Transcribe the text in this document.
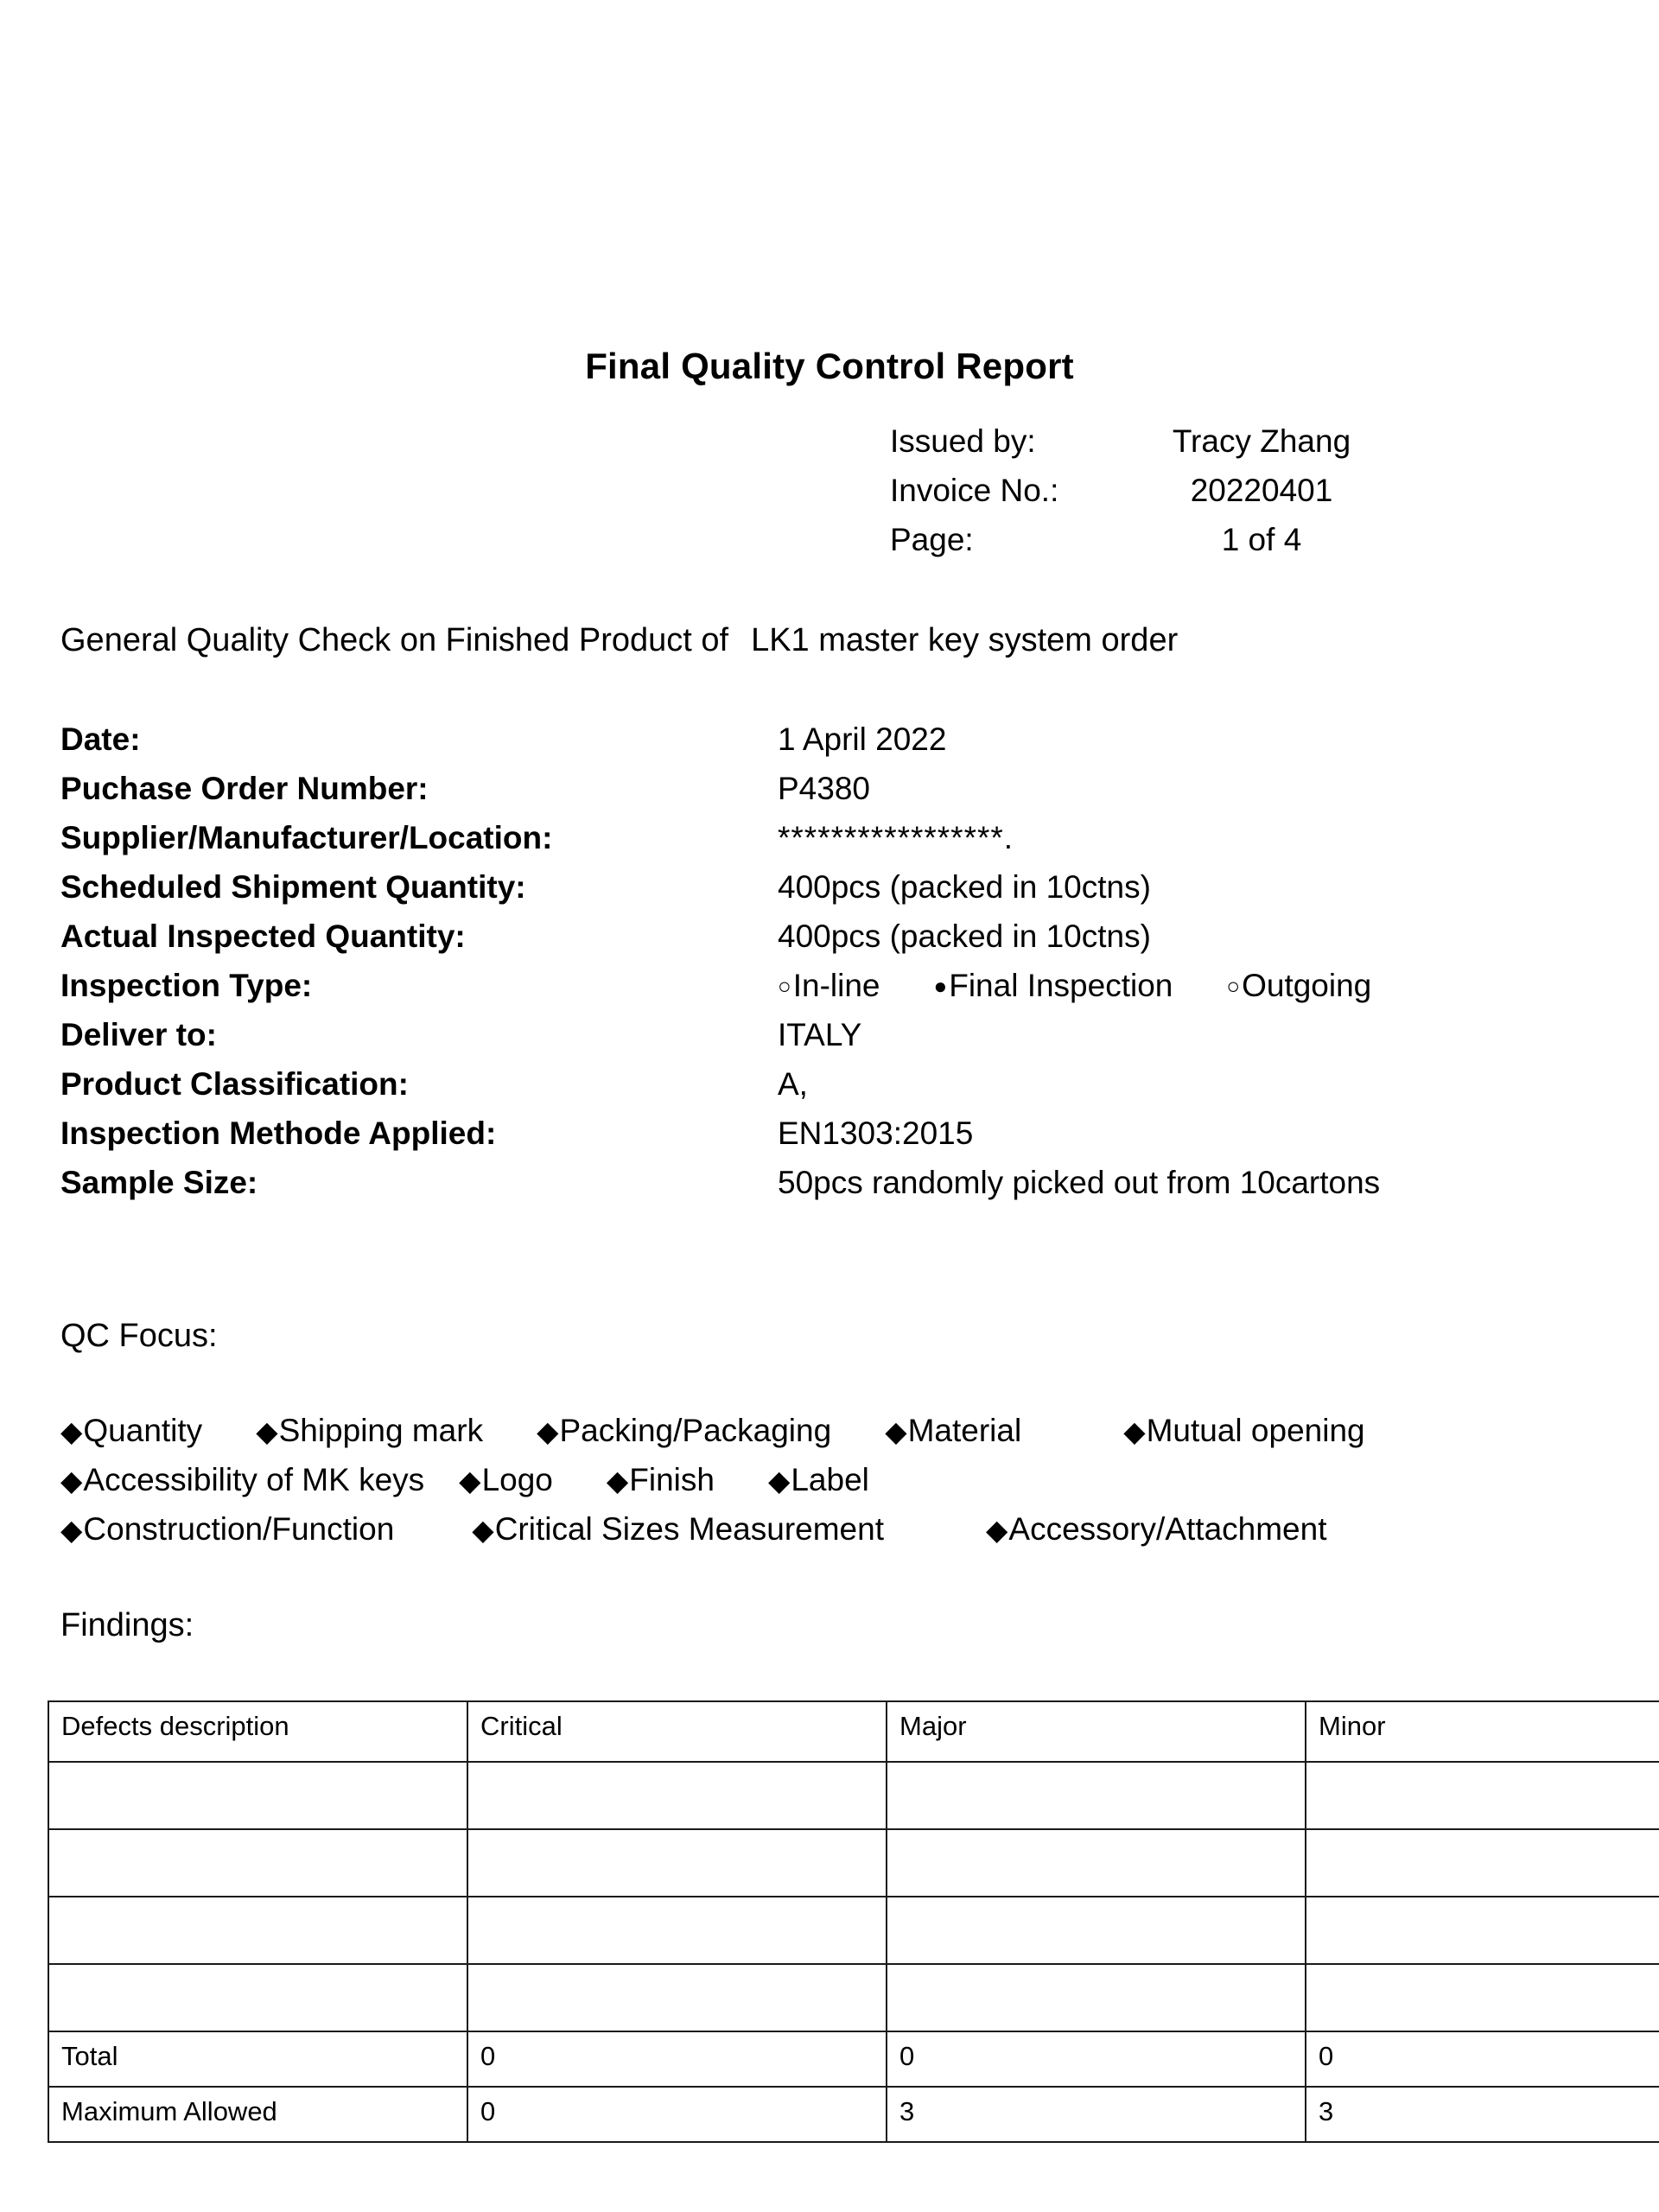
Final Quality Control Report
Issued by:	Tracy Zhang
Invoice No.:	20220401
Page:	1 of 4
General Quality Check on Finished Product of LK1 master key system order
Date:	1 April 2022
Puchase Order Number:	P4380
Supplier/Manufacturer/Location:	*****************.
Scheduled Shipment Quantity:	400pcs (packed in 10ctns)
Actual Inspected Quantity:	400pcs (packed in 10ctns)
Inspection Type:	○ In-line ● Final Inspection ○ Outgoing
Deliver to:	ITALY
Product Classification:	A,
Inspection Methode Applied:	EN1303:2015
Sample Size:	50pcs randomly picked out from 10cartons
QC Focus:
◆ Quantity ◆ Shipping mark ◆ Packing/Packaging ◆ Material	◆ Mutual opening
◆ Accessibility of MK keys ◆ Logo ◆ Finish ◆ Label
◆ Construction/Function	◆ Critical Sizes Measurement	◆ Accessory/Attachment
Findings:
Defects description	Critical	Major	Minor

Total	0	0	0
Maximum Allowed	0	3	3
